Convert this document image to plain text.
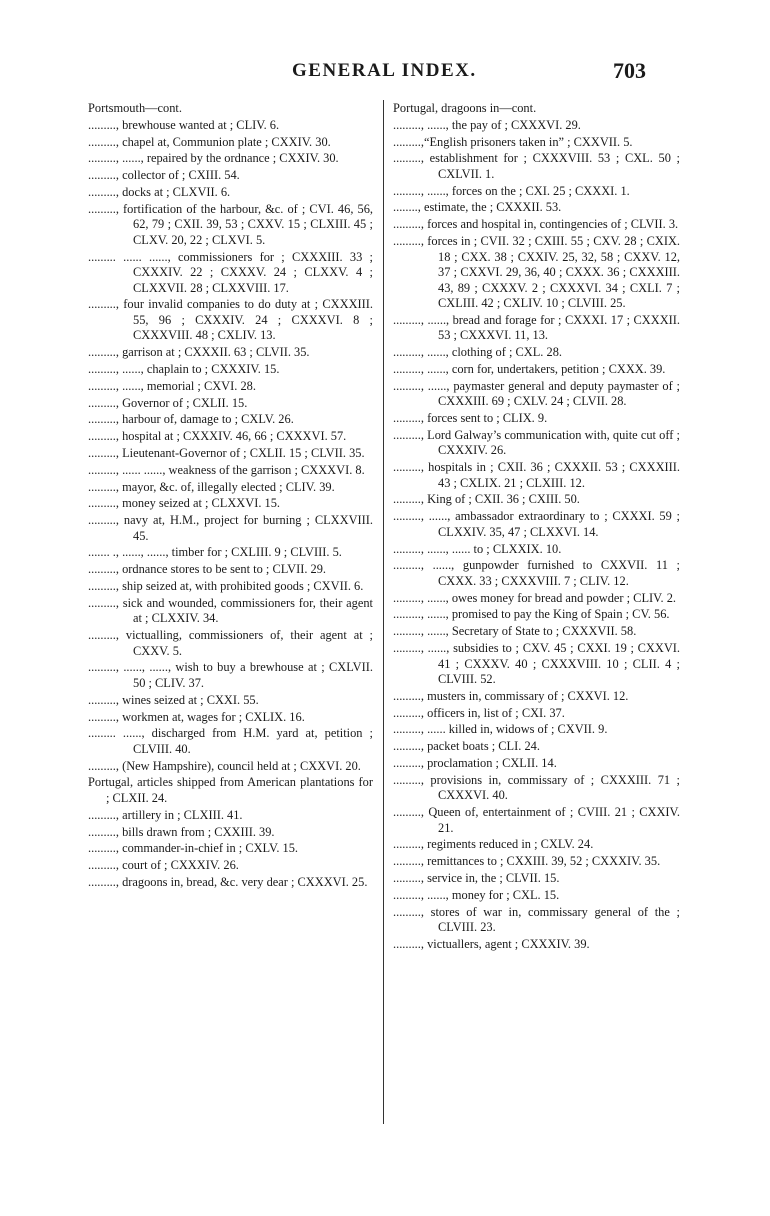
GENERAL INDEX.	703
Portsmouth—cont.
........., brewhouse wanted at ; CLIV. 6.
........., chapel at, Communion plate ; CXXIV. 30.
........., ......, repaired by the ordnance ; CXXIV. 30.
........., collector of ; CXIII. 54.
........., docks at ; CLXVII. 6.
........., fortification of the harbour, &c. of ; CVI. 46, 56, 62, 79 ; CXII. 39, 53 ; CXXV. 15 ; CLXIII. 45 ; CLXV. 20, 22 ; CLXVI. 5.
......... ...... ......, commissioners for ; CXXXIII. 33 ; CXXXIV. 22 ; CXXXV. 24 ; CLXXV. 4 ; CLXXVII. 28 ; CLXXVIII. 17.
........., four invalid companies to do duty at ; CXXXIII. 55, 96 ; CXXXIV. 24 ; CXXXVI. 8 ; CXXXVIII. 48 ; CXLIV. 13.
........., garrison at ; CXXXII. 63 ; CLVII. 35.
........., ......, chaplain to ; CXXXIV. 15.
........., ......, memorial ; CXVI. 28.
........., Governor of ; CXLII. 15.
........., harbour of, damage to ; CXLV. 26.
........., hospital at ; CXXXIV. 46, 66 ; CXXXVI. 57.
........., Lieutenant-Governor of ; CXLII. 15 ; CLVII. 35.
........., ...... ......, weakness of the garrison ; CXXXVI. 8.
........., mayor, &c. of, illegally elected ; CLIV. 39.
........., money seized at ; CLXXVI. 15.
........., navy at, H.M., project for burning ; CLXXVIII. 45.
....... ., ......, ......, timber for ; CXLIII. 9 ; CLVIII. 5.
........., ordnance stores to be sent to ; CLVII. 29.
........., ship seized at, with prohibited goods ; CXVII. 6.
........., sick and wounded, commissioners for, their agent at ; CLXXIV. 34.
........., victualling, commissioners of, their agent at ; CXXV. 5.
........., ......, ......, wish to buy a brewhouse at ; CXLVII. 50 ; CLIV. 37.
........., wines seized at ; CXXI. 55.
........., workmen at, wages for ; CXLIX. 16.
......... ......, discharged from H.M. yard at, petition ; CLVIII. 40.
........., (New Hampshire), council held at ; CXXVI. 20.
Portugal, articles shipped from American plantations for ; CLXII. 24.
........., artillery in ; CLXIII. 41.
........., bills drawn from ; CXXIII. 39.
........., commander-in-chief in ; CXLV. 15.
........., court of ; CXXXIV. 26.
........., dragoons in, bread, &c. very dear ; CXXXVI. 25.
Portugal, dragoons in—cont.
........., ......, the pay of ; CXXXVI. 29.
.........,“English prisoners taken in” ; CXXVII. 5.
........., establishment for ; CXXXVIII. 53 ; CXL. 50 ; CXLVII. 1.
........., ......, forces on the ; CXI. 25 ; CXXXI. 1.
........, estimate, the ; CXXXII. 53.
........., forces and hospital in, contingencies of ; CLVII. 3.
........., forces in ; CVII. 32 ; CXIII. 55 ; CXV. 28 ; CXIX. 18 ; CXX. 38 ; CXXIV. 25, 32, 58 ; CXXV. 12, 37 ; CXXVI. 29, 36, 40 ; CXXX. 36 ; CXXXIII. 43, 89 ; CXXXV. 2 ; CXXXVI. 34 ; CXLI. 7 ; CXLIII. 42 ; CXLIV. 10 ; CLVIII. 25.
........., ......, bread and forage for ; CXXXI. 17 ; CXXXII. 53 ; CXXXVI. 11, 13.
........., ......, clothing of ; CXL. 28.
........., ......, corn for, undertakers, petition ; CXXX. 39.
........., ......, paymaster general and deputy paymaster of ; CXXXIII. 69 ; CXLV. 24 ; CLVII. 28.
........., forces sent to ; CLIX. 9.
........., Lord Galway’s communication with, quite cut off ; CXXXIV. 26.
........., hospitals in ; CXII. 36 ; CXXXII. 53 ; CXXXIII. 43 ; CXLIX. 21 ; CLXIII. 12.
........., King of ; CXII. 36 ; CXIII. 50.
........., ......, ambassador extraordinary to ; CXXXI. 59 ; CLXXIV. 35, 47 ; CLXXVI. 14.
........., ......, ...... to ; CLXXIX. 10.
........., ......, gunpowder furnished to CXXVII. 11 ; CXXX. 33 ; CXXXVIII. 7 ; CLIV. 12.
........., ......, owes money for bread and powder ; CLIV. 2.
........., ......, promised to pay the King of Spain ; CV. 56.
........., ......, Secretary of State to ; CXXXVII. 58.
........., ......, subsidies to ; CXV. 45 ; CXXI. 19 ; CXXVI. 41 ; CXXXV. 40 ; CXXXVIII. 10 ; CLII. 4 ; CLVIII. 52.
........., musters in, commissary of ; CXXVI. 12.
........., officers in, list of ; CXI. 37.
........., ...... killed in, widows of ; CXVII. 9.
........., packet boats ; CLI. 24.
........., proclamation ; CXLII. 14.
........., provisions in, commissary of ; CXXXIII. 71 ; CXXXVI. 40.
........., Queen of, entertainment of ; CVIII. 21 ; CXXIV. 21.
........., regiments reduced in ; CXLV. 24.
........., remittances to ; CXXIII. 39, 52 ; CXXXIV. 35.
........., service in, the ; CLVII. 15.
........., ......, money for ; CXL. 15.
........., stores of war in, commissary general of the ; CLVIII. 23.
........., victuallers, agent ; CXXXIV. 39.
